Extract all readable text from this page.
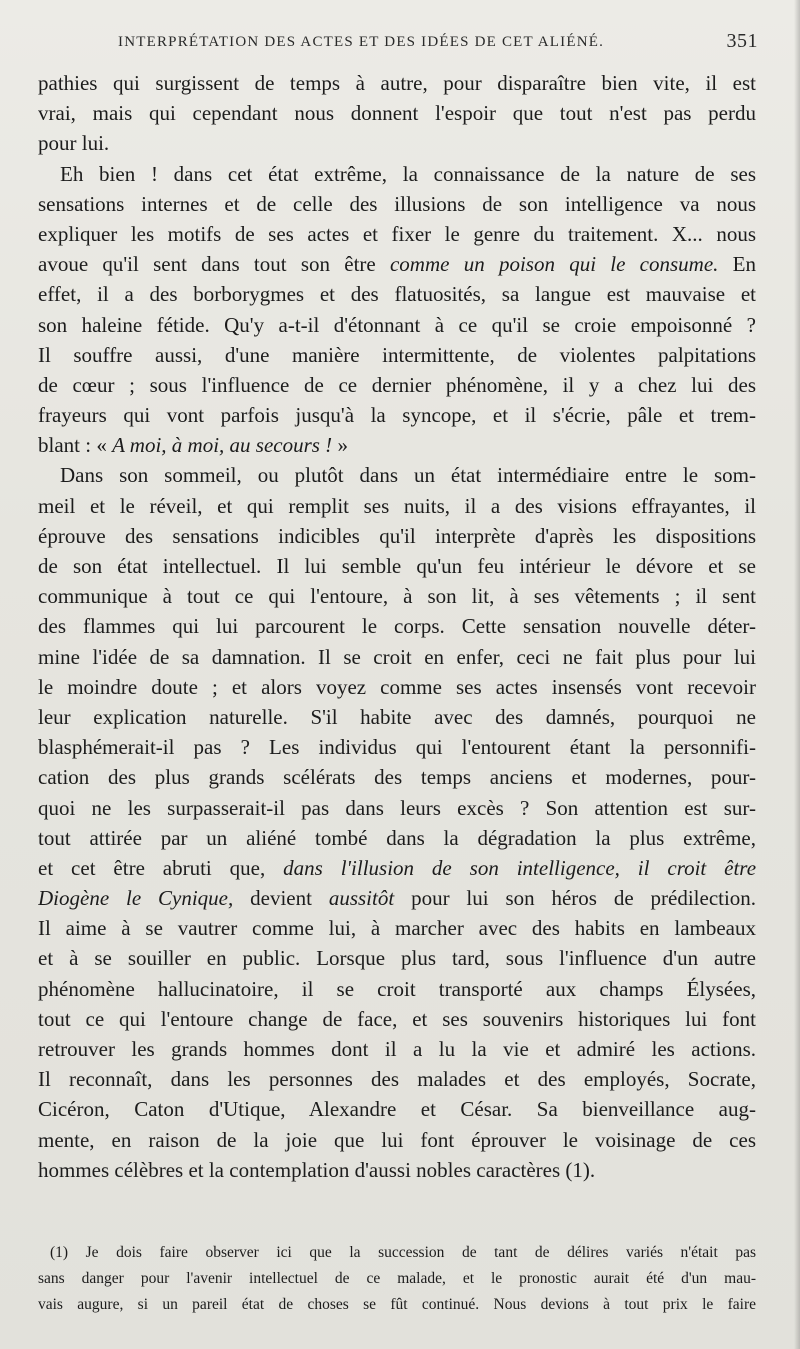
INTERPRÉTATION DES ACTES ET DES IDÉES DE CET ALIÉNÉ.	351
pathies qui surgissent de temps à autre, pour disparaître bien vite, il est
vrai, mais qui cependant nous donnent l'espoir que tout n'est pas perdu
pour lui.
Eh bien ! dans cet état extrême, la connaissance de la nature de ses
sensations internes et de celle des illusions de son intelligence va nous
expliquer les motifs de ses actes et fixer le genre du traitement. X... nous
avoue qu'il sent dans tout son être comme un poison qui le consume. En
effet, il a des borborygmes et des flatuosités, sa langue est mauvaise et
son haleine fétide. Qu'y a-t-il d'étonnant à ce qu'il se croie empoisonné ?
Il souffre aussi, d'une manière intermittente, de violentes palpitations
de cœur ; sous l'influence de ce dernier phénomène, il y a chez lui des
frayeurs qui vont parfois jusqu'à la syncope, et il s'écrie, pâle et trem-
blant : « A moi, à moi, au secours ! »
Dans son sommeil, ou plutôt dans un état intermédiaire entre le som-
meil et le réveil, et qui remplit ses nuits, il a des visions effrayantes, il
éprouve des sensations indicibles qu'il interprète d'après les dispositions
de son état intellectuel. Il lui semble qu'un feu intérieur le dévore et se
communique à tout ce qui l'entoure, à son lit, à ses vêtements ; il sent
des flammes qui lui parcourent le corps. Cette sensation nouvelle déter-
mine l'idée de sa damnation. Il se croit en enfer, ceci ne fait plus pour lui
le moindre doute ; et alors voyez comme ses actes insensés vont recevoir
leur explication naturelle. S'il habite avec des damnés, pourquoi ne
blasphémerait-il pas ? Les individus qui l'entourent étant la personnifi-
cation des plus grands scélérats des temps anciens et modernes, pour-
quoi ne les surpasserait-il pas dans leurs excès ? Son attention est sur-
tout attirée par un aliéné tombé dans la dégradation la plus extrême,
et cet être abruti que, dans l'illusion de son intelligence, il croit être
Diogène le Cynique, devient aussitôt pour lui son héros de prédilection.
Il aime à se vautrer comme lui, à marcher avec des habits en lambeaux
et à se souiller en public. Lorsque plus tard, sous l'influence d'un autre
phénomène hallucinatoire, il se croit transporté aux champs Élysées,
tout ce qui l'entoure change de face, et ses souvenirs historiques lui font
retrouver les grands hommes dont il a lu la vie et admiré les actions.
Il reconnaît, dans les personnes des malades et des employés, Socrate,
Cicéron, Caton d'Utique, Alexandre et César. Sa bienveillance aug-
mente, en raison de la joie que lui font éprouver le voisinage de ces
hommes célèbres et la contemplation d'aussi nobles caractères (1).
(1) Je dois faire observer ici que la succession de tant de délires variés n'était pas
sans danger pour l'avenir intellectuel de ce malade, et le pronostic aurait été d'un mau-
vais augure, si un pareil état de choses se fût continué. Nous devions à tout prix le faire
